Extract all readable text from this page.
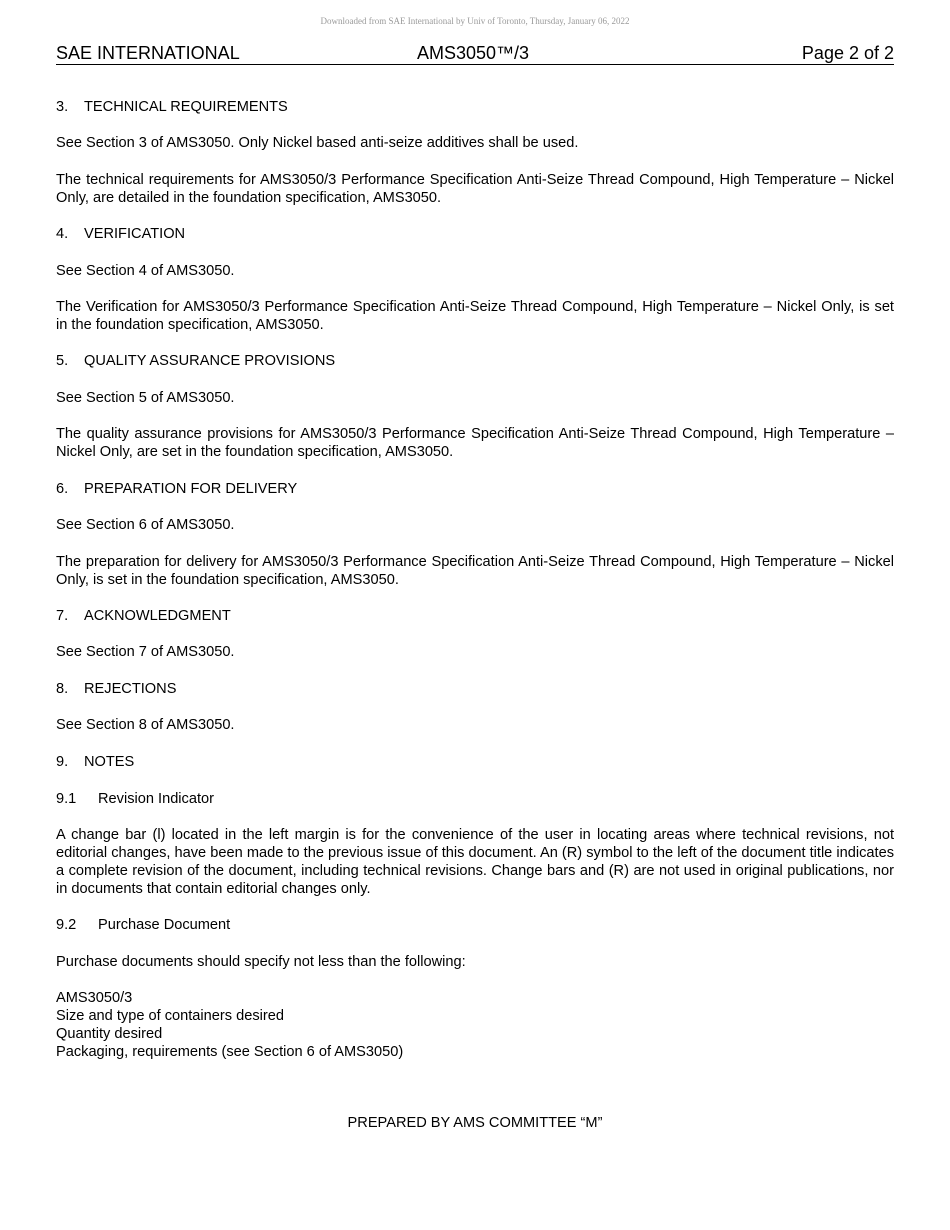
Downloaded from SAE International by Univ of Toronto, Thursday, January 06, 2022
SAE INTERNATIONAL	AMS3050™/3	Page 2 of 2
3. TECHNICAL REQUIREMENTS
See Section 3 of AMS3050. Only Nickel based anti-seize additives shall be used.
The technical requirements for AMS3050/3 Performance Specification Anti-Seize Thread Compound, High Temperature – Nickel Only, are detailed in the foundation specification, AMS3050.
4. VERIFICATION
See Section 4 of AMS3050.
The Verification for AMS3050/3 Performance Specification Anti-Seize Thread Compound, High Temperature – Nickel Only, is set in the foundation specification, AMS3050.
5. QUALITY ASSURANCE PROVISIONS
See Section 5 of AMS3050.
The quality assurance provisions for AMS3050/3 Performance Specification Anti-Seize Thread Compound, High Temperature – Nickel Only, are set in the foundation specification, AMS3050.
6. PREPARATION FOR DELIVERY
See Section 6 of AMS3050.
The preparation for delivery for AMS3050/3 Performance Specification Anti-Seize Thread Compound, High Temperature – Nickel Only, is set in the foundation specification, AMS3050.
7. ACKNOWLEDGMENT
See Section 7 of AMS3050.
8. REJECTIONS
See Section 8 of AMS3050.
9. NOTES
9.1 Revision Indicator
A change bar (l) located in the left margin is for the convenience of the user in locating areas where technical revisions, not editorial changes, have been made to the previous issue of this document. An (R) symbol to the left of the document title indicates a complete revision of the document, including technical revisions. Change bars and (R) are not used in original publications, nor in documents that contain editorial changes only.
9.2 Purchase Document
Purchase documents should specify not less than the following:
AMS3050/3
Size and type of containers desired
Quantity desired
Packaging, requirements (see Section 6 of AMS3050)
PREPARED BY AMS COMMITTEE “M”
